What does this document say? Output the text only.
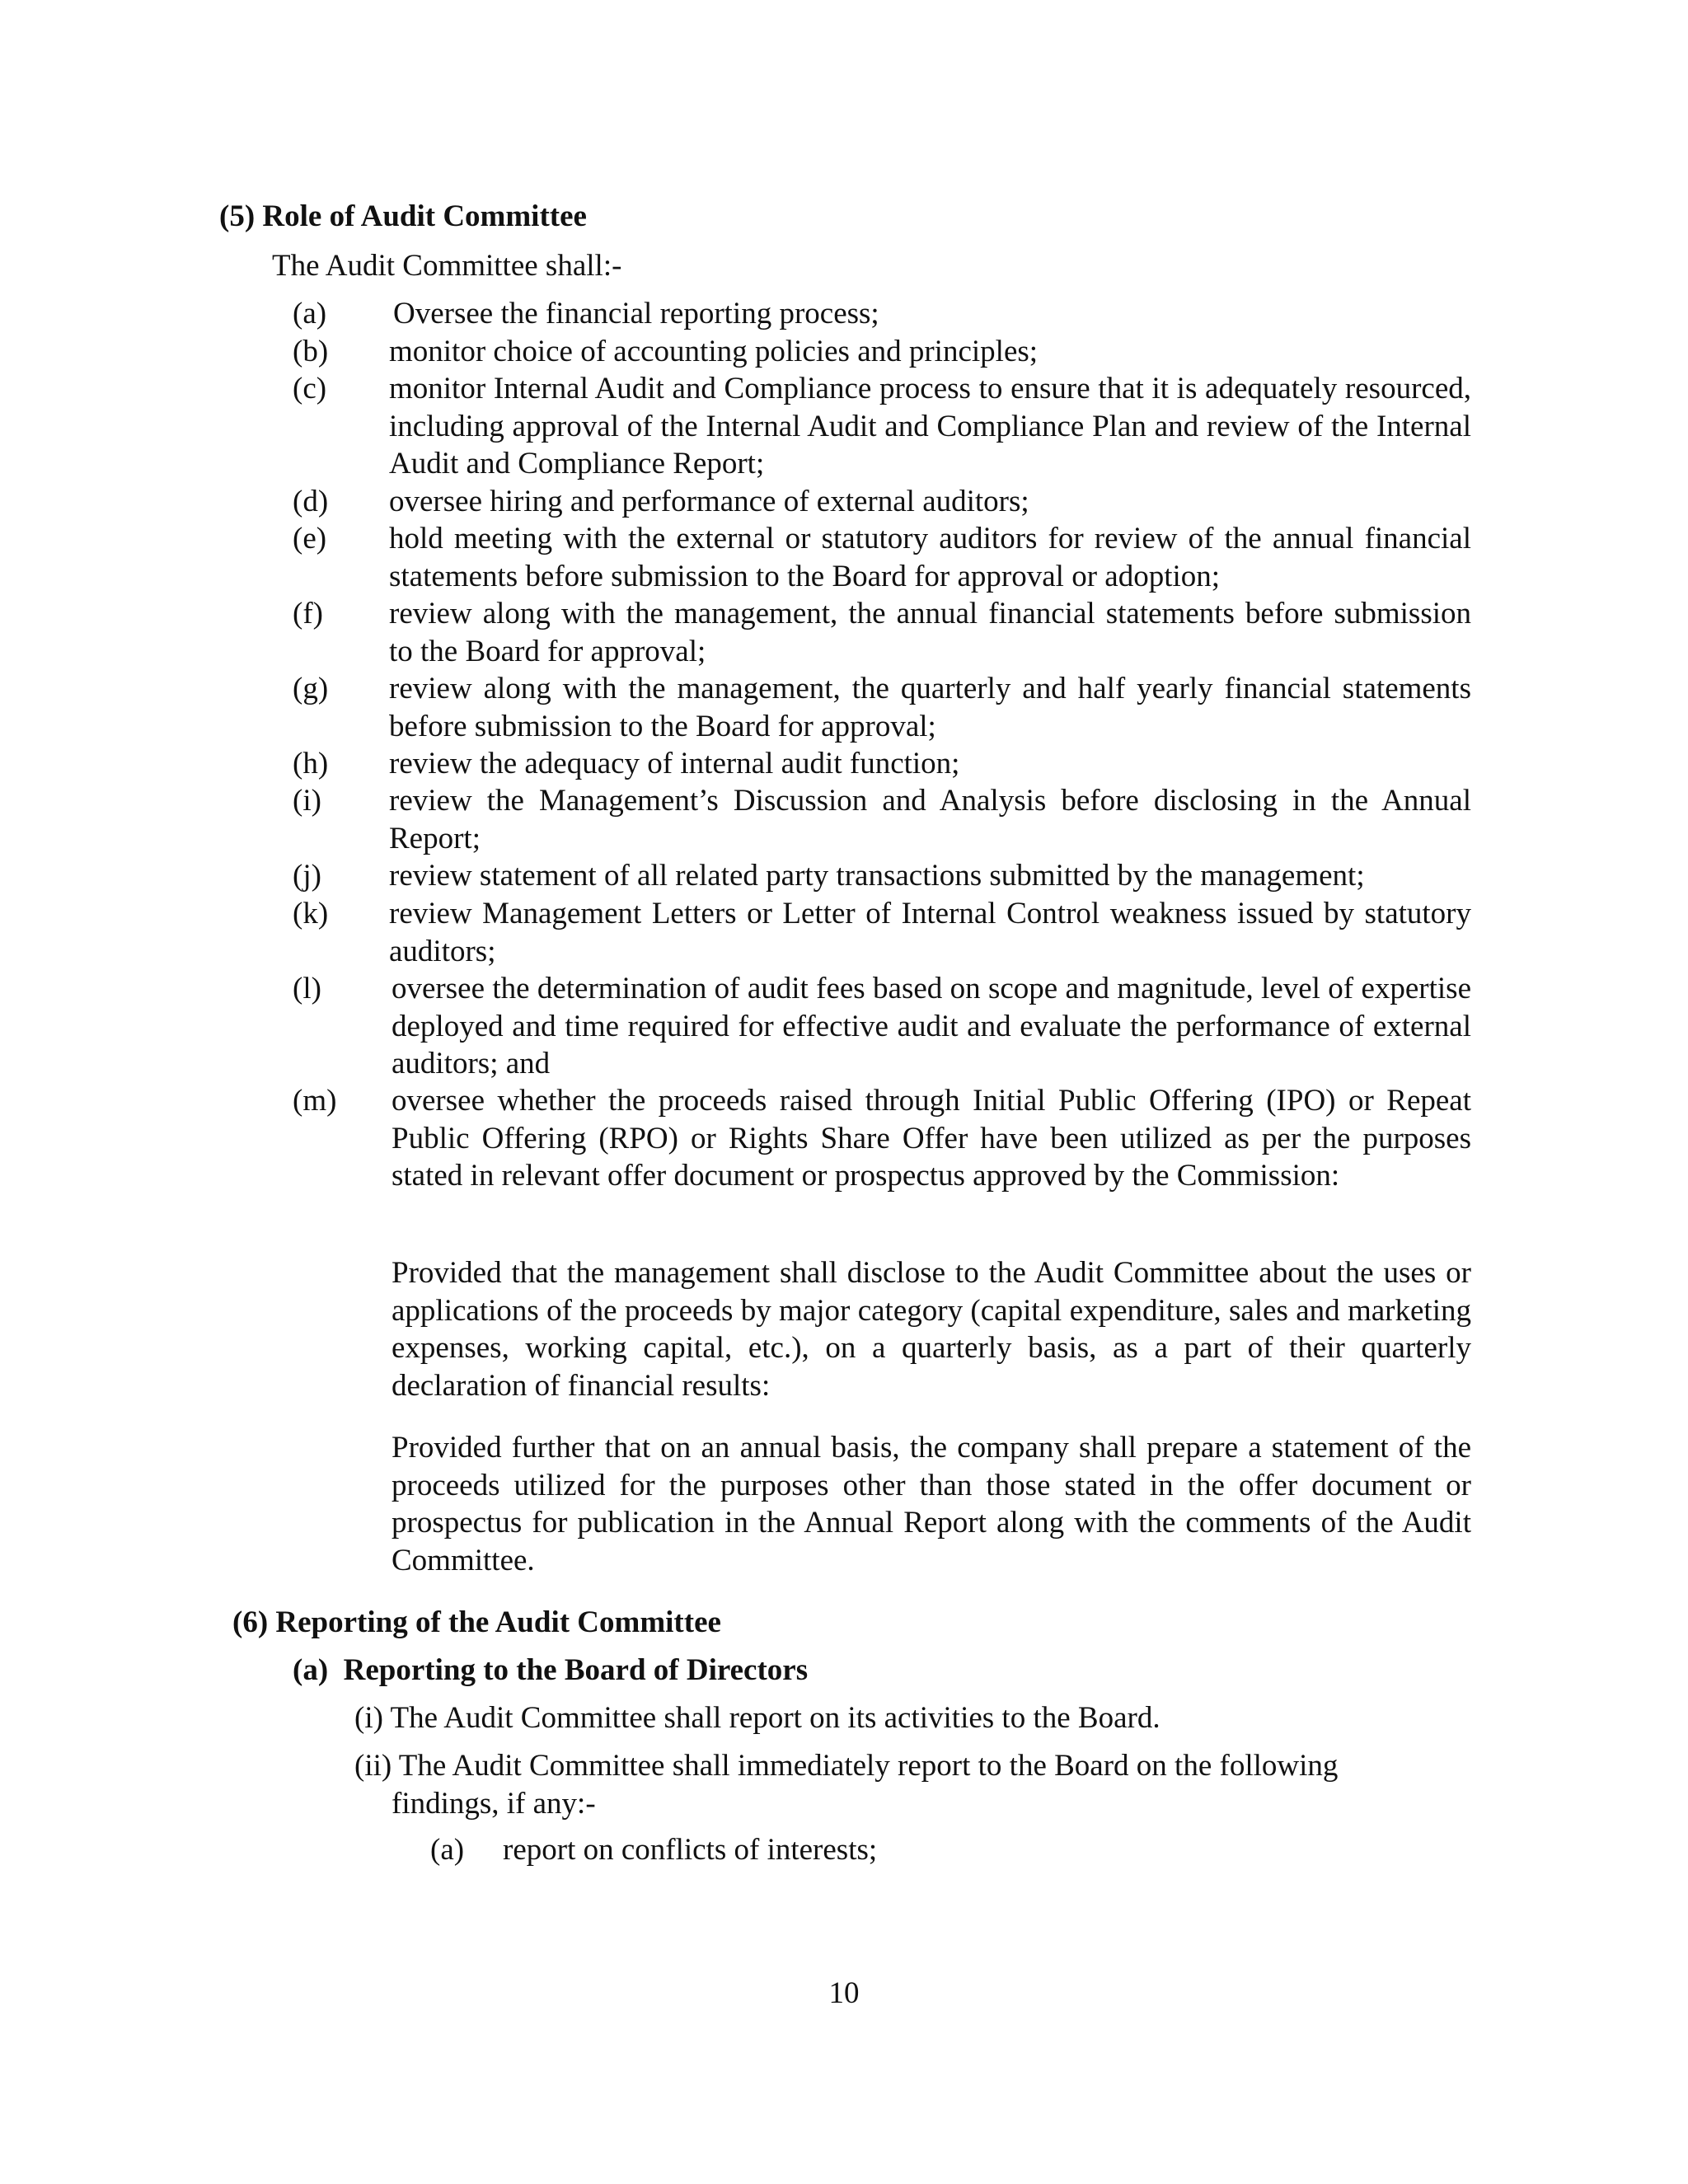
(5) Role of Audit Committee
The Audit Committee shall:-
(a) Oversee the financial reporting process;
(b) monitor choice of accounting policies and principles;
(c) monitor Internal Audit and Compliance process to ensure that it is adequately resourced, including approval of the Internal Audit and Compliance Plan and review of the Internal Audit and Compliance Report;
(d) oversee hiring and performance of external auditors;
(e) hold meeting with the external or statutory auditors for review of the annual financial statements before submission to the Board for approval or adoption;
(f) review along with the management, the annual financial statements before submission to the Board for approval;
(g) review along with the management, the quarterly and half yearly financial statements before submission to the Board for approval;
(h) review the adequacy of internal audit function;
(i) review the Management’s Discussion and Analysis before disclosing in the Annual Report;
(j) review statement of all related party transactions submitted by the management;
(k) review Management Letters or Letter of Internal Control weakness issued by statutory auditors;
(l) oversee the determination of audit fees based on scope and magnitude, level of expertise deployed and time required for effective audit and evaluate the performance of external auditors; and
(m) oversee whether the proceeds raised through Initial Public Offering (IPO) or Repeat Public Offering (RPO) or Rights Share Offer have been utilized as per the purposes stated in relevant offer document or prospectus approved by the Commission:
Provided that the management shall disclose to the Audit Committee about the uses or applications of the proceeds by major category (capital expenditure, sales and marketing expenses, working capital, etc.), on a quarterly basis, as a part of their quarterly declaration of financial results:
Provided further that on an annual basis, the company shall prepare a statement of the proceeds utilized for the purposes other than those stated in the offer document or prospectus for publication in the Annual Report along with the comments of the Audit Committee.
(6) Reporting of the Audit Committee
(a)  Reporting to the Board of Directors
(i) The Audit Committee shall report on its activities to the Board.
(ii) The Audit Committee shall immediately report to the Board on the following
findings, if any:-
(a) report on conflicts of interests;
10
